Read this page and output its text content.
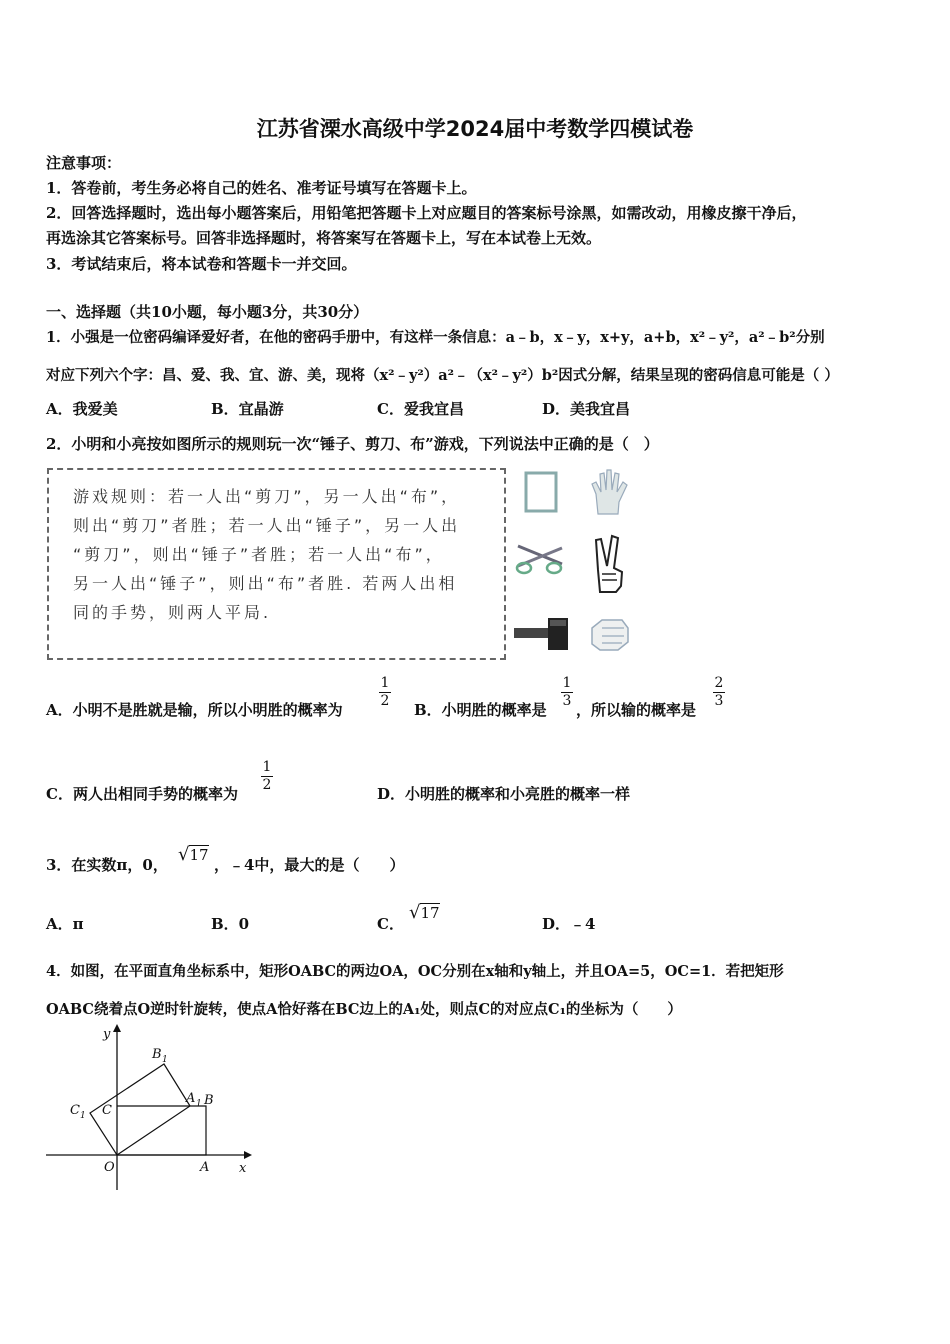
江苏省溧水高级中学2024届中考数学四模试卷
注意事项：
1．答卷前，考生务必将自己的姓名、准考证号填写在答题卡上。
2．回答选择题时，选出每小题答案后，用铅笔把答题卡上对应题目的答案标号涂黑，如需改动，用橡皮擦干净后，
再选涂其它答案标号。回答非选择题时，将答案写在答题卡上，写在本试卷上无效。
3．考试结束后，将本试卷和答题卡一并交回。
一、选择题（共10小题，每小题3分，共30分）
1．小强是一位密码编译爱好者，在他的密码手册中，有这样一条信息：a﹣b，x﹣y，x+y，a+b，x²﹣y²，a²﹣b²分别
对应下列六个字：昌、爱、我、宜、游、美，现将（x²﹣y²）a²﹣（x²﹣y²）b²因式分解，结果呈现的密码信息可能是（ ）
A．我爱美	B．宜晶游	C．爱我宜昌	D．美我宜昌
2．小明和小亮按如图所示的规则玩一次“锤子、剪刀、布”游戏，下列说法中正确的是（　）
游戏规则：若一人出“剪刀”，另一人出“布”，
则出“剪刀”者胜；若一人出“锤子”，另一人出
“剪刀”，则出“锤子”者胜；若一人出“布”，
另一人出“锤子”，则出“布”者胜. 若两人出相
同的手势，则两人平局.
A．小明不是胜就是输，所以小明胜的概率为
1
2 B．小明胜的概率是
1
3 ，所以输的概率是
2
3
C．两人出相同手势的概率为
1
2	D．小明胜的概率和小亮胜的概率一样
3．在实数π，0， √17
，﹣4中，最大的是（　　）
A．π	B．0	C．
√17
D．﹣4
4．如图，在平面直角坐标系中，矩形OABC的两边OA，OC分别在x轴和y轴上，并且OA=5，OC=1．若把矩形
OABC绕着点O逆时针旋转，使点A恰好落在BC边上的A₁处，则点C的对应点C₁的坐标为（　　）
y
x
O	A
B
C
A 1
B 1
C 1
